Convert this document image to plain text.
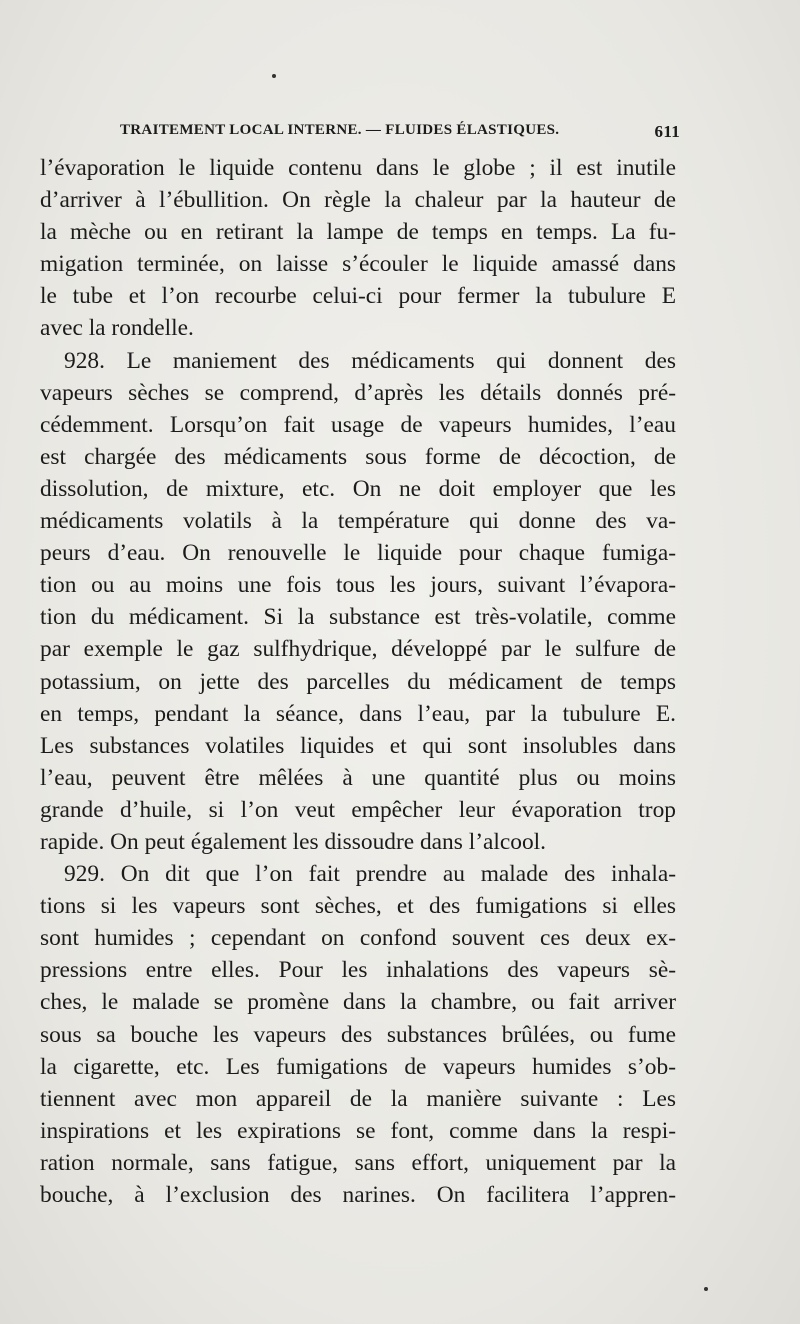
TRAITEMENT LOCAL INTERNE. — FLUIDES ÉLASTIQUES.	611
l’évaporation le liquide contenu dans le globe ; il est inutile
d’arriver à l’ébullition. On règle la chaleur par la hauteur de
la mèche ou en retirant la lampe de temps en temps. La fu-
migation terminée, on laisse s’écouler le liquide amassé dans
le tube et l’on recourbe celui-ci pour fermer la tubulure E
avec la rondelle.
928. Le maniement des médicaments qui donnent des
vapeurs sèches se comprend, d’après les détails donnés pré-
cédemment. Lorsqu’on fait usage de vapeurs humides, l’eau
est chargée des médicaments sous forme de décoction, de
dissolution, de mixture, etc. On ne doit employer que les
médicaments volatils à la température qui donne des va-
peurs d’eau. On renouvelle le liquide pour chaque fumiga-
tion ou au moins une fois tous les jours, suivant l’évapora-
tion du médicament. Si la substance est très-volatile, comme
par exemple le gaz sulfhydrique, développé par le sulfure de
potassium, on jette des parcelles du médicament de temps
en temps, pendant la séance, dans l’eau, par la tubulure E.
Les substances volatiles liquides et qui sont insolubles dans
l’eau, peuvent être mêlées à une quantité plus ou moins
grande d’huile, si l’on veut empêcher leur évaporation trop
rapide. On peut également les dissoudre dans l’alcool.
929. On dit que l’on fait prendre au malade des inhala-
tions si les vapeurs sont sèches, et des fumigations si elles
sont humides ; cependant on confond souvent ces deux ex-
pressions entre elles. Pour les inhalations des vapeurs sè-
ches, le malade se promène dans la chambre, ou fait arriver
sous sa bouche les vapeurs des substances brûlées, ou fume
la cigarette, etc. Les fumigations de vapeurs humides s’ob-
tiennent avec mon appareil de la manière suivante : Les
inspirations et les expirations se font, comme dans la respi-
ration normale, sans fatigue, sans effort, uniquement par la
bouche, à l’exclusion des narines. On facilitera l’appren-
